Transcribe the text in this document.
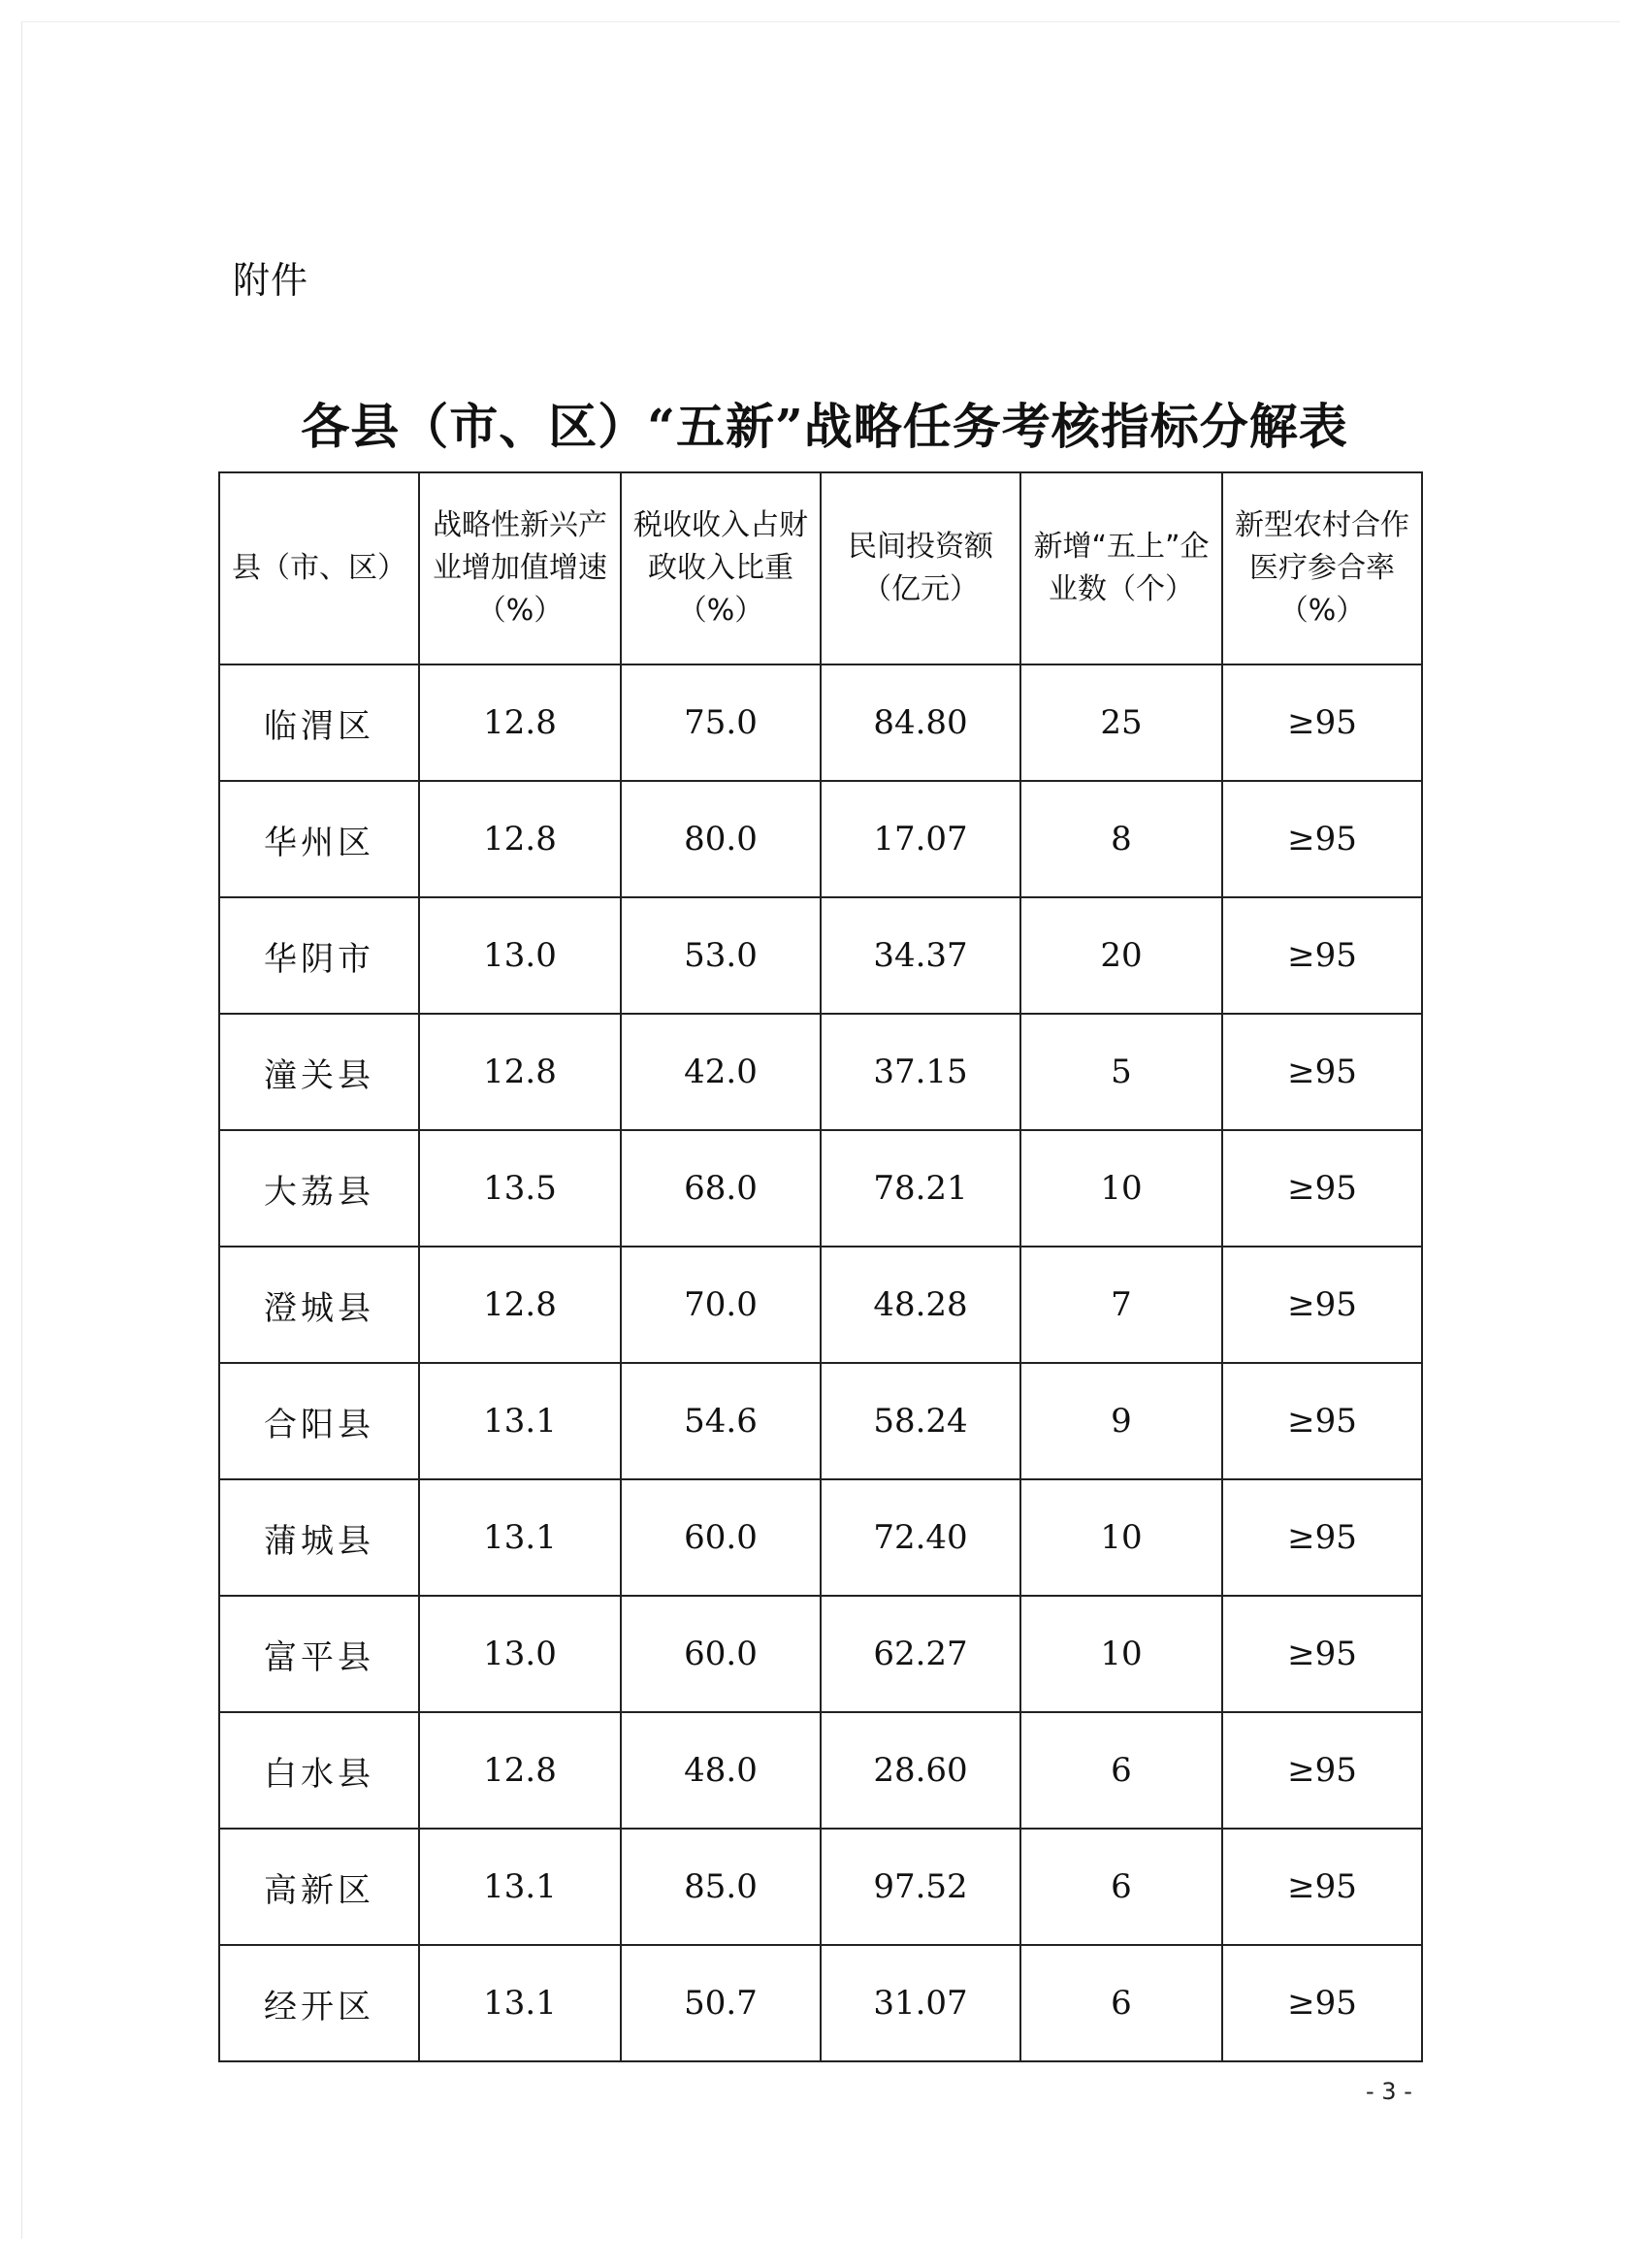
附件
各县（市、区）“五新”战略任务考核指标分解表
县（市、区）	战略性新兴产业增加值增速（%）	税收收入占财政收入比重（%）	民间投资额（亿元）	新增“五上”企业数（个）	新型农村合作医疗参合率（%）
临渭区	12.8	75.0	84.80	25	≥95
华州区	12.8	80.0	17.07	8	≥95
华阴市	13.0	53.0	34.37	20	≥95
潼关县	12.8	42.0	37.15	5	≥95
大荔县	13.5	68.0	78.21	10	≥95
澄城县	12.8	70.0	48.28	7	≥95
合阳县	13.1	54.6	58.24	9	≥95
蒲城县	13.1	60.0	72.40	10	≥95
富平县	13.0	60.0	62.27	10	≥95
白水县	12.8	48.0	28.60	6	≥95
高新区	13.1	85.0	97.52	6	≥95
经开区	13.1	50.7	31.07	6	≥95
- 3 -
